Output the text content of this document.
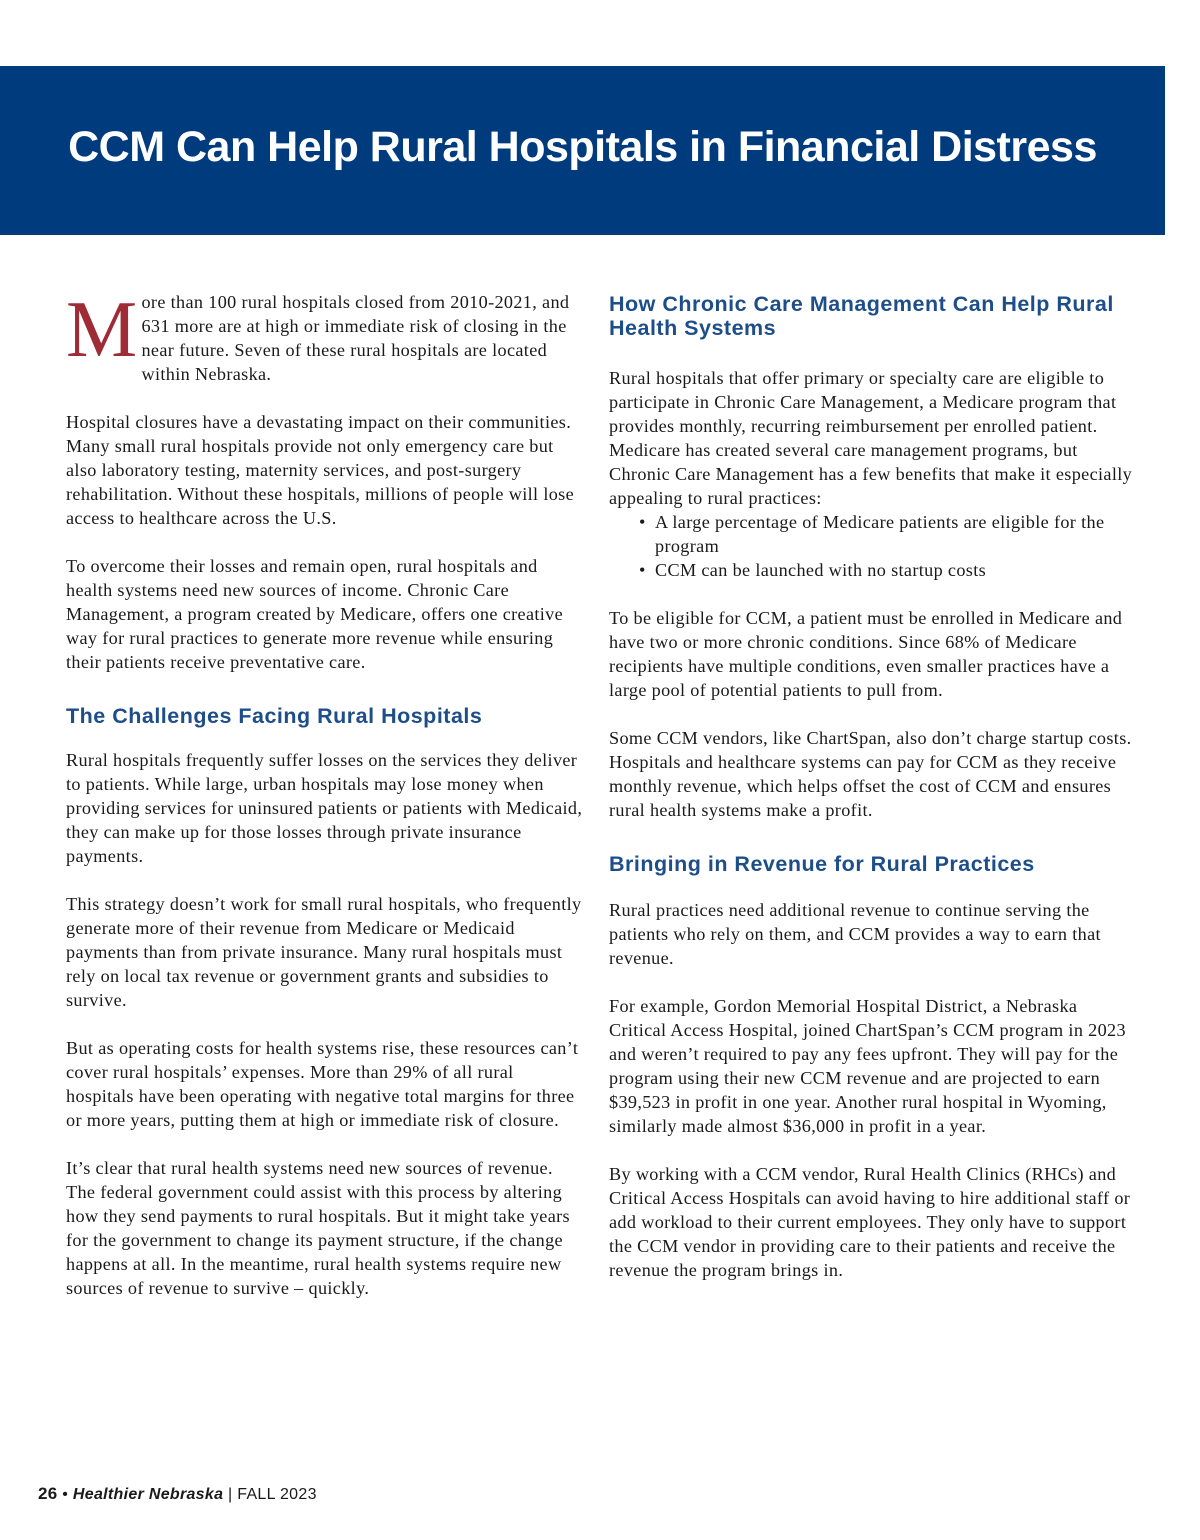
CCM Can Help Rural Hospitals in Financial Distress

More than 100 rural hospitals closed from 2010-2021, and 631 more are at high or immediate risk of closing in the near future. Seven of these rural hospitals are located within Nebraska.

Hospital closures have a devastating impact on their communities. Many small rural hospitals provide not only emergency care but also laboratory testing, maternity services, and post-surgery rehabilitation. Without these hospitals, millions of people will lose access to healthcare across the U.S.

To overcome their losses and remain open, rural hospitals and health systems need new sources of income. Chronic Care Management, a program created by Medicare, offers one creative way for rural practices to generate more revenue while ensuring their patients receive preventative care.

The Challenges Facing Rural Hospitals

Rural hospitals frequently suffer losses on the services they deliver to patients. While large, urban hospitals may lose money when providing services for uninsured patients or patients with Medicaid, they can make up for those losses through private insurance payments.

This strategy doesn’t work for small rural hospitals, who frequently generate more of their revenue from Medicare or Medicaid payments than from private insurance. Many rural hospitals must rely on local tax revenue or government grants and subsidies to survive.

But as operating costs for health systems rise, these resources can’t cover rural hospitals’ expenses. More than 29% of all rural hospitals have been operating with negative total margins for three or more years, putting them at high or immediate risk of closure.

It’s clear that rural health systems need new sources of revenue. The federal government could assist with this process by altering how they send payments to rural hospitals. But it might take years for the government to change its payment structure, if the change happens at all. In the meantime, rural health systems require new sources of revenue to survive – quickly.

How Chronic Care Management Can Help Rural Health Systems

Rural hospitals that offer primary or specialty care are eligible to participate in Chronic Care Management, a Medicare program that provides monthly, recurring reimbursement per enrolled patient. Medicare has created several care management programs, but Chronic Care Management has a few benefits that make it especially appealing to rural practices:

• A large percentage of Medicare patients are eligible for the program
• CCM can be launched with no startup costs

To be eligible for CCM, a patient must be enrolled in Medicare and have two or more chronic conditions. Since 68% of Medicare recipients have multiple conditions, even smaller practices have a large pool of potential patients to pull from.

Some CCM vendors, like ChartSpan, also don’t charge startup costs. Hospitals and healthcare systems can pay for CCM as they receive monthly revenue, which helps offset the cost of CCM and ensures rural health systems make a profit.

Bringing in Revenue for Rural Practices

Rural practices need additional revenue to continue serving the patients who rely on them, and CCM provides a way to earn that revenue.

For example, Gordon Memorial Hospital District, a Nebraska Critical Access Hospital, joined ChartSpan’s CCM program in 2023 and weren’t required to pay any fees upfront. They will pay for the program using their new CCM revenue and are projected to earn $39,523 in profit in one year. Another rural hospital in Wyoming, similarly made almost $36,000 in profit in a year.

By working with a CCM vendor, Rural Health Clinics (RHCs) and Critical Access Hospitals can avoid having to hire additional staff or add workload to their current employees. They only have to support the CCM vendor in providing care to their patients and receive the revenue the program brings in.

26 • Healthier Nebraska | FALL 2023
